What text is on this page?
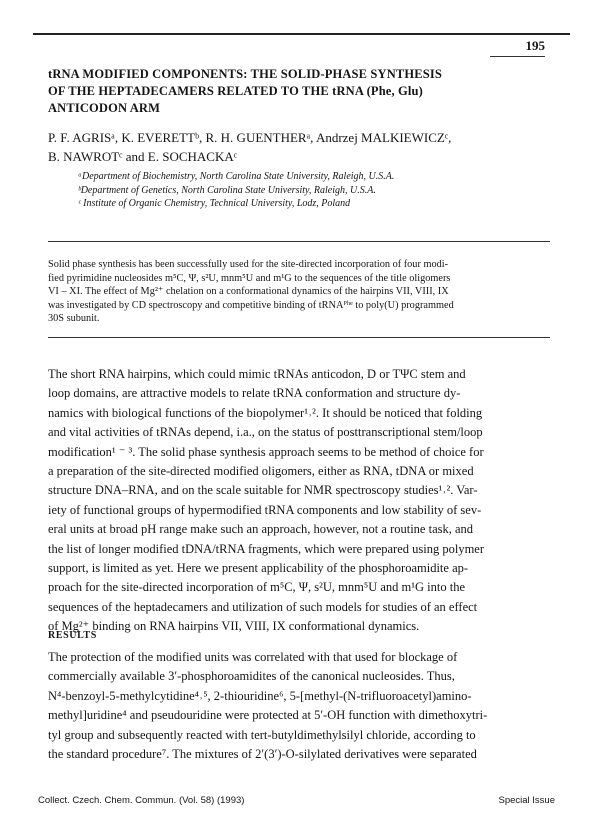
195
tRNA MODIFIED COMPONENTS: THE SOLID-PHASE SYNTHESIS
OF THE HEPTADECAMERS RELATED TO THE tRNA (Phe, Glu)
ANTICODON ARM
P. F. AGRISᵃ, K. EVERETTᵇ, R. H. GUENTHERᵃ, Andrzej MALKIEWICZᶜ,
B. NAWROTᶜ and E. SOCHACKAᶜ
ᵃDepartment of Biochemistry, North Carolina State University, Raleigh, U.S.A.
ᵇDepartment of Genetics, North Carolina State University, Raleigh, U.S.A.
ᶜ Institute of Organic Chemistry, Technical University, Lodz, Poland
Solid phase synthesis has been successfully used for the site-directed incorporation of four modi-
fied pyrimidine nucleosides m⁵C, Ψ, s²U, mnm⁵U and m¹G to the sequences of the title oligomers
VI – XI. The effect of Mg²⁺ chelation on a conformational dynamics of the hairpins VII, VIII, IX
was investigated by CD spectroscopy and competitive binding of tRNAᴾʰᵉ to poly(U) programmed
30S subunit.
The short RNA hairpins, which could mimic tRNAs anticodon, D or TΨC stem and
loop domains, are attractive models to relate tRNA conformation and structure dy-
namics with biological functions of the biopolymer¹˒². It should be noticed that folding
and vital activities of tRNAs depend, i.a., on the status of posttranscriptional stem/loop
modification¹ ⁻ ³. The solid phase synthesis approach seems to be method of choice for
a preparation of the site-directed modified oligomers, either as RNA, tDNA or mixed
structure DNA–RNA, and on the scale suitable for NMR spectroscopy studies¹˒². Var-
iety of functional groups of hypermodified tRNA components and low stability of sev-
eral units at broad pH range make such an approach, however, not a routine task, and
the list of longer modified tDNA/tRNA fragments, which were prepared using polymer
support, is limited as yet. Here we present applicability of the phosphoroamidite ap-
proach for the site-directed incorporation of m⁵C, Ψ, s²U, mnm⁵U and m¹G into the
sequences of the heptadecamers and utilization of such models for studies of an effect
of Mg²⁺ binding on RNA hairpins VII, VIII, IX conformational dynamics.
RESULTS
The protection of the modified units was correlated with that used for blockage of
commercially available 3′-phosphoroamidites of the canonical nucleosides. Thus,
N⁴-benzoyl-5-methylcytidine⁴˒⁵, 2-thiouridine⁶, 5-[methyl-(N-trifluoroacetyl)amino-
methyl]uridine⁴ and pseudouridine were protected at 5′-OH function with dimethoxytri-
tyl group and subsequently reacted with tert-butyldimethylsilyl chloride, according to
the standard procedure⁷. The mixtures of 2′(3′)-O-silylated derivatives were separated
Collect. Czech. Chem. Commun. (Vol. 58) (1993)	Special Issue
